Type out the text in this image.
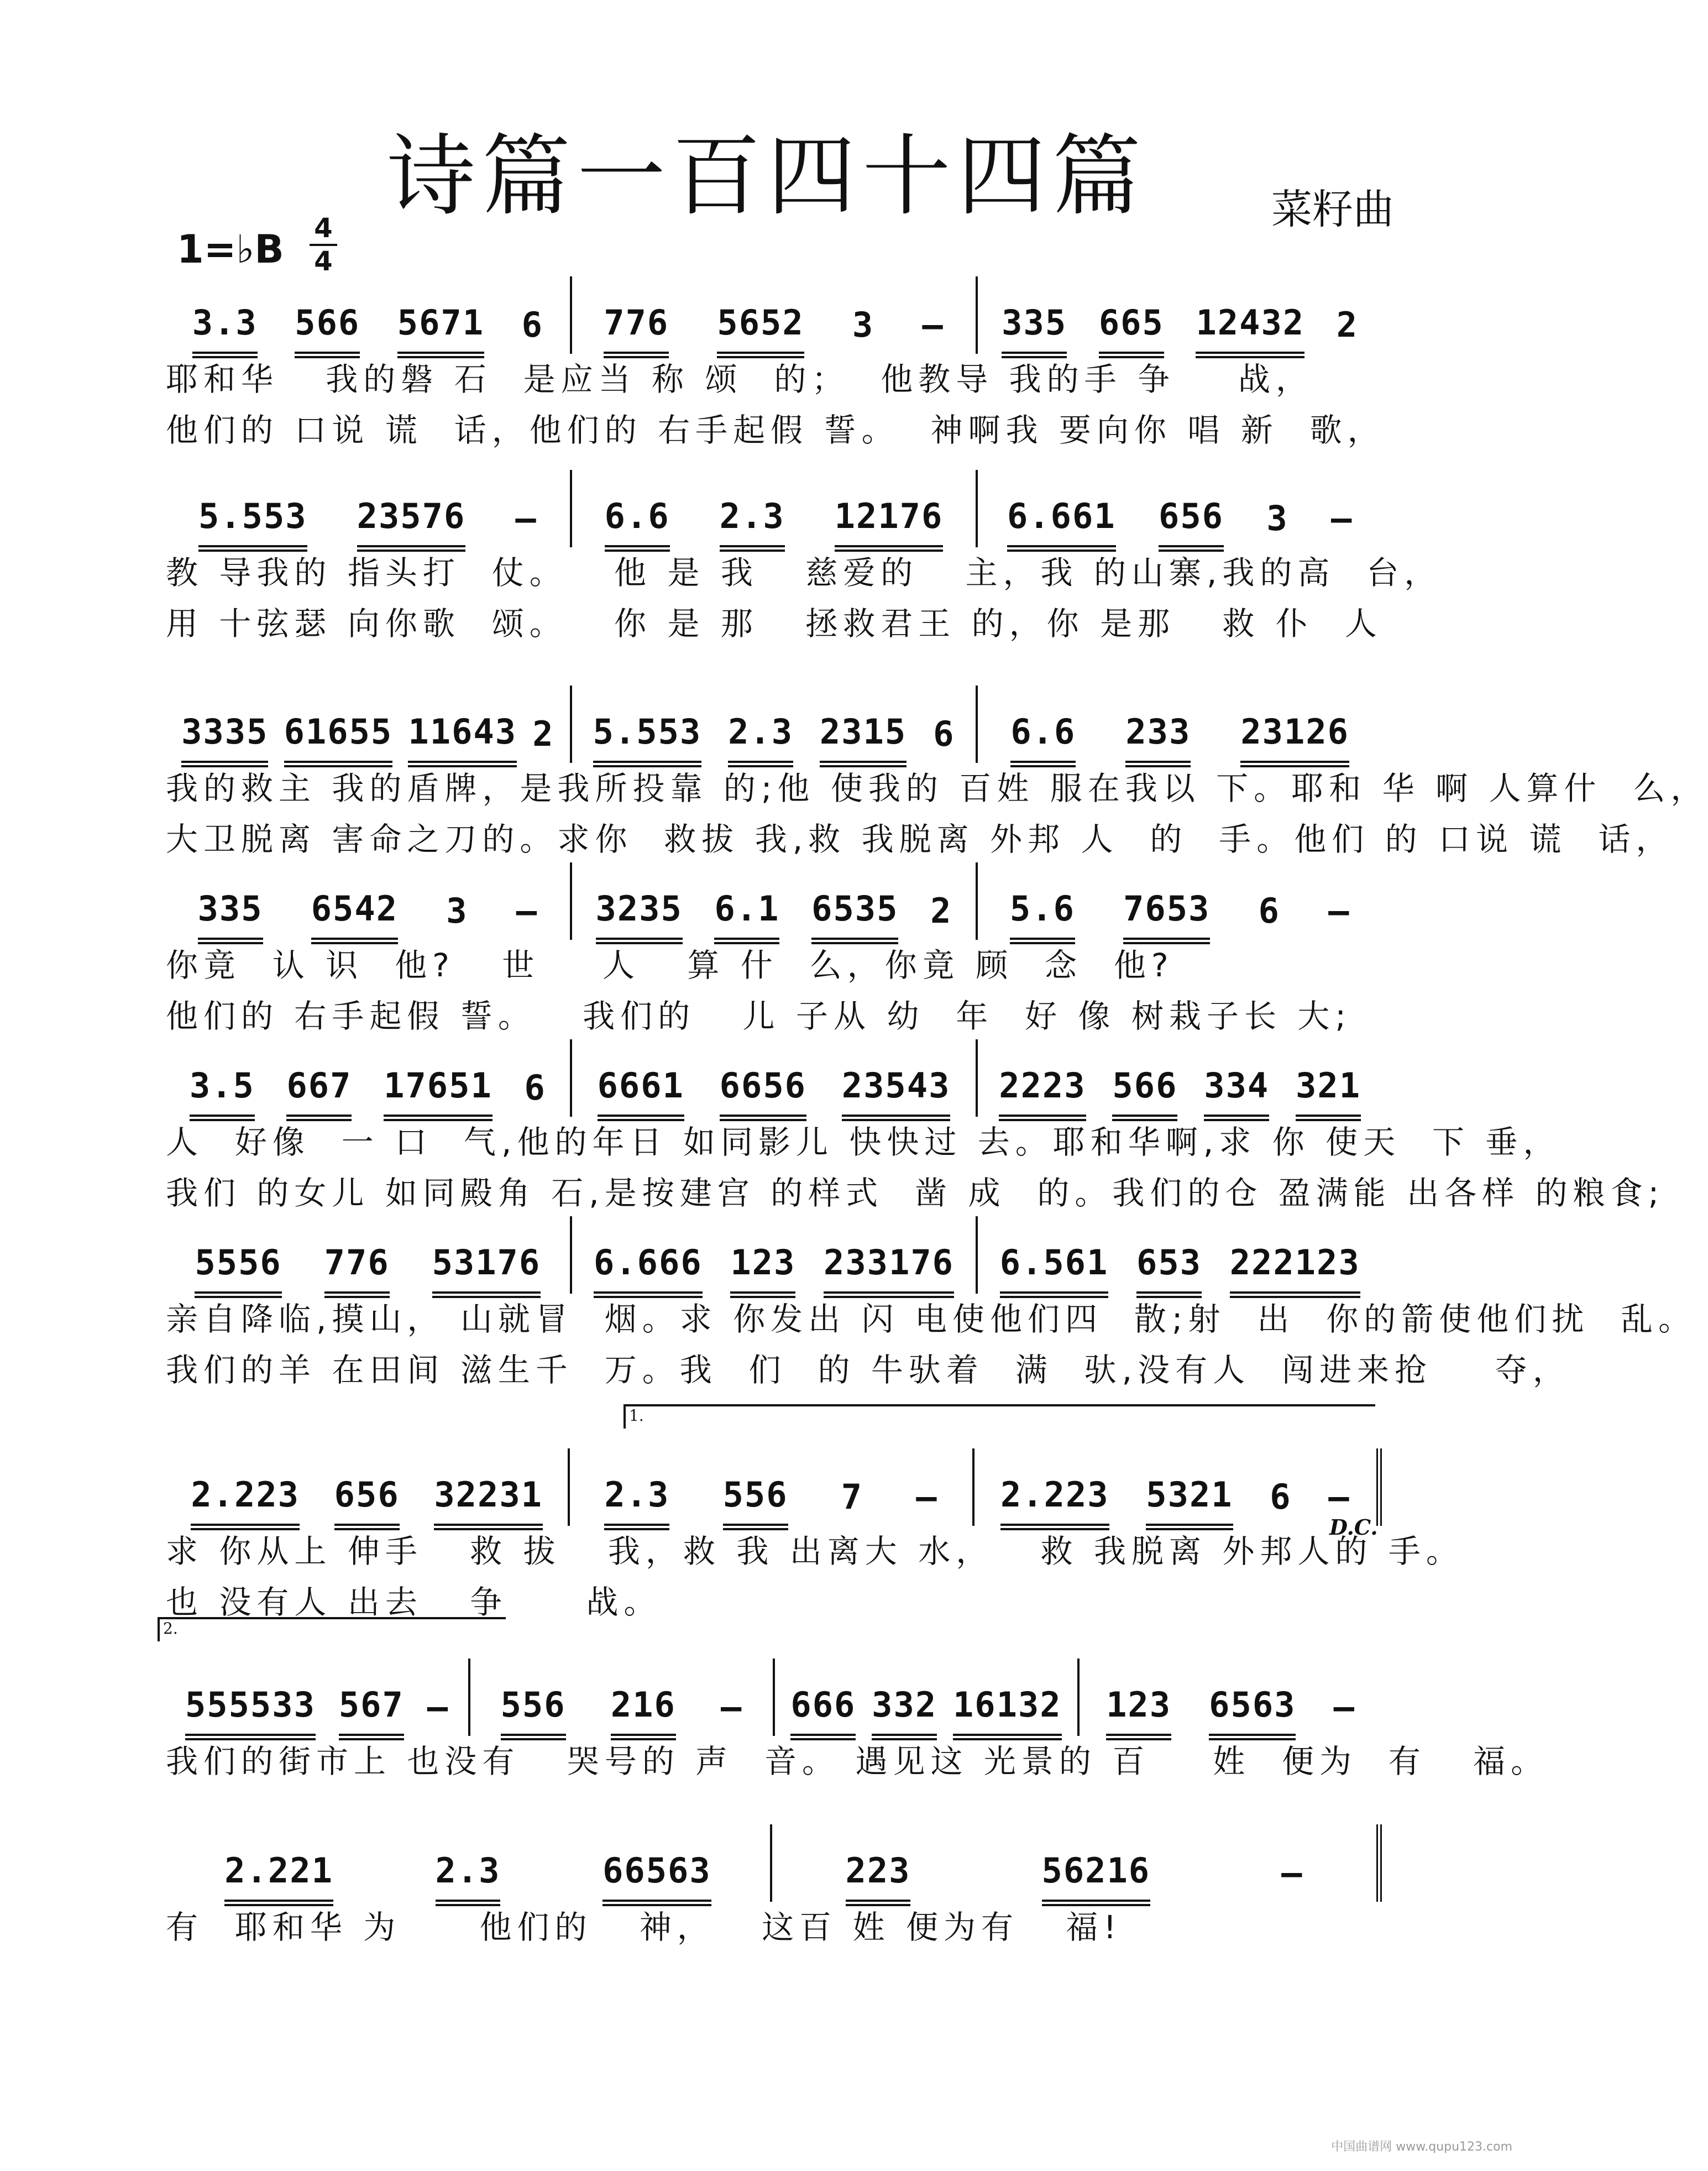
诗篇一百四十四篇	菜籽曲
1=♭B 4
4
3.3 566 5671 6 776 5652 3 – 335 665 12432 2
耶和华   我的磐 石  是应当 称 颂  的；  他教导 我的手 争    战，
他们的 口说 谎  话，他们的 右手起假 誓。  神啊我 要向你 唱 新  歌，
5.553 23576 – 6.6 2.3 12176 6.661 656 3 –
教 导我的 指头打  仗。   他 是 我   慈爱的   主，我 的山寨,我的高  台，
用 十弦瑟 向你歌  颂。   你 是 那   拯救君王 的，你 是那   救 仆  人
3335 61655 11643 2 5.553 2.3 2315 6 6.6 233 23126
我的救主 我的盾牌，是我所投靠 的;他 使我的 百姓 服在我以 下。耶和 华 啊 人算什  么，
大卫脱离 害命之刀的。求你  救拔 我,救 我脱离 外邦 人  的  手。他们 的 口说 谎  话，
335 6542 3 – 3235 6.1 6535 2 5.6 7653 6 –
你竟  认 识  他?   世    人   算 什  么，你竟 顾  念  他?
他们的 右手起假 誓。   我们的   儿 子从 幼  年  好 像 树栽子长 大;
3.5 667 17651 6 6661 6656 23543 2223 566 334 321
人  好像  一 口  气,他的年日 如同影儿 快快过 去。耶和华啊,求 你 使天  下 垂，
我们 的女儿 如同殿角 石,是按建宫 的样式  凿 成  的。我们的仓 盈满能 出各样 的粮食;
5556 776 53176 6.666 123 233176 6.561 653 222123
亲自降临,摸山， 山就冒  烟。求 你发出 闪 电使他们四  散;射  出  你的箭使他们扰  乱。
我们的羊 在田间 滋生千  万。我  们  的 牛驮着  满  驮,没有人  闯进来抢    夺，
2.223 656 32231 2.3 556 7 – 2.223 5321 6 –
求 你从上 伸手   救 拔   我，救 我 出离大 水，   救 我脱离 外邦人的 手。
也 没有人 出去   争     战。
555533 567 – 556 216 – 666 332 16132 123 6563 –
我们的街市上 也没有   哭号的 声  音。 遇见这 光景的 百    姓  便为  有   福。
2.221	2.3	66563	223	56216	–
有  耶和华 为     他们的   神，   这百 姓 便为有   福!
1.
2.
D.C.
中国曲谱网 www.qupu123.com
